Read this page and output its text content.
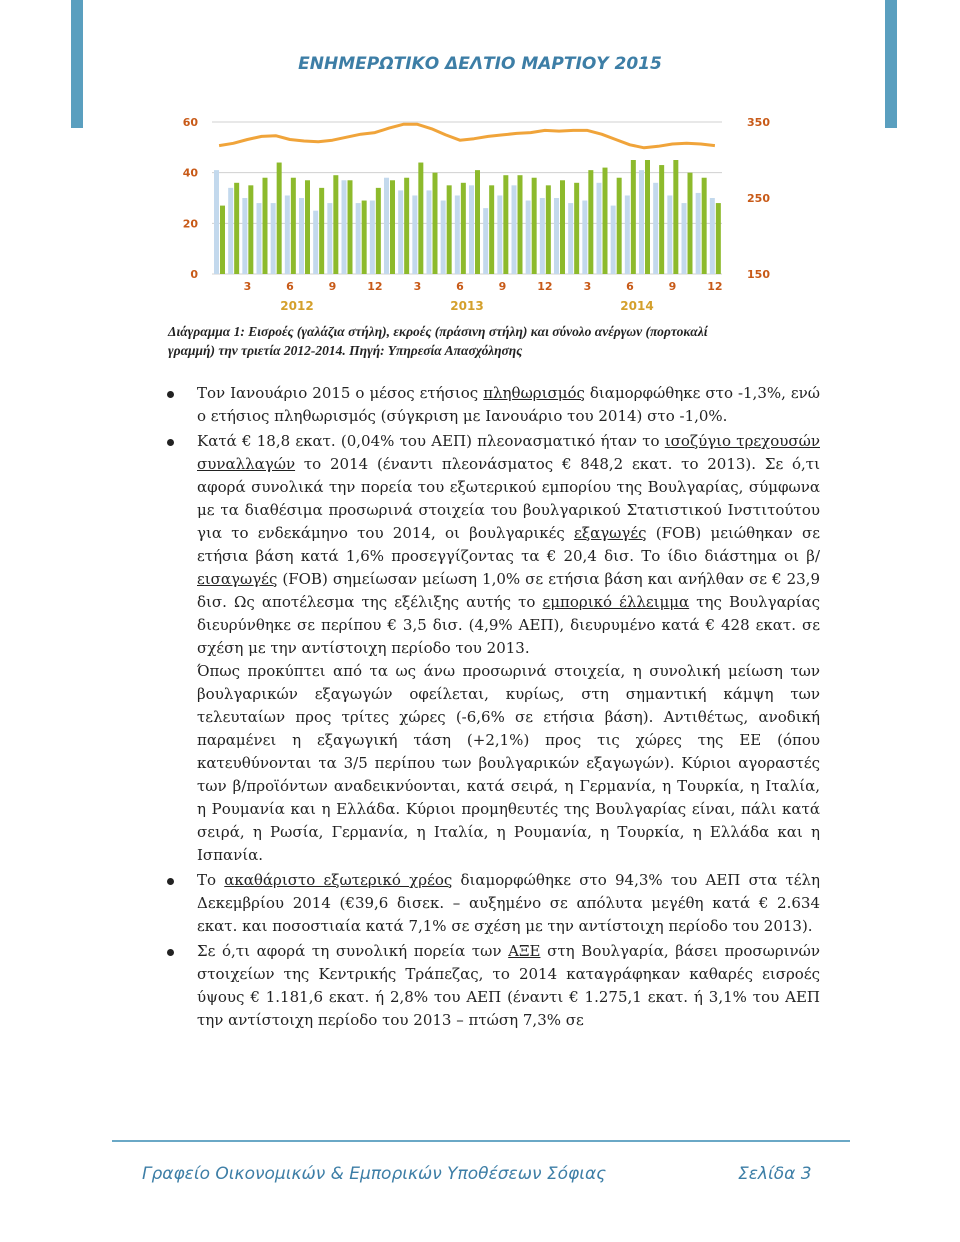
ΕΝΗΜΕΡΩΤΙΚΟ ΔΕΛΤΙΟ ΜΑΡΤΙΟΥ 2015
0
20
40
60
150
250
350
3	6	9	12	3	6	9	12	3	6	9	12
2012	2013	2014
Διάγραμμα 1: Εισροές (γαλάζια στήλη), εκροές (πράσινη στήλη) και σύνολο ανέργων (πορτοκαλί
γραμμή) την τριετία 2012-2014. Πηγή: Υπηρεσία Απασχόλησης
Τον Ιανουάριο 2015 ο μέσος ετήσιος πληθωρισμός διαμορφώθηκε στο -1,3%, ενώ ο ετήσιος πληθωρισμός (σύγκριση με Ιανουάριο του 2014) στο -1,0%.
Κατά € 18,8 εκατ. (0,04% του ΑΕΠ) πλεονασματικό ήταν το ισοζύγιο τρεχουσών συναλλαγών το 2014 (έναντι πλεονάσματος € 848,2 εκατ. το 2013). Σε ό,τι αφορά συνολικά την πορεία του εξωτερικού εμπορίου της Βουλγαρίας, σύμφωνα με τα διαθέσιμα προσωρινά στοιχεία του βουλγαρικού Στατιστικού Ινστιτούτου για το ενδεκάμηνο του 2014, οι βουλγαρικές εξαγωγές (FOB) μειώθηκαν σε ετήσια βάση κατά 1,6% προσεγγίζοντας τα € 20,4 δισ. Το ίδιο διάστημα οι β/εισαγωγές (FOB) σημείωσαν μείωση 1,0% σε ετήσια βάση και ανήλθαν σε € 23,9 δισ. Ως αποτέλεσμα της εξέλιξης αυτής το εμπορικό έλλειμμα της Βουλγαρίας διευρύνθηκε σε περίπου € 3,5 δισ. (4,9% ΑΕΠ), διευρυμένο κατά € 428 εκατ. σε σχέση με την αντίστοιχη περίοδο του 2013.
Όπως προκύπτει από τα ως άνω προσωρινά στοιχεία, η συνολική μείωση των βουλγαρικών εξαγωγών οφείλεται, κυρίως, στη σημαντική κάμψη των τελευταίων προς τρίτες χώρες (-6,6% σε ετήσια βάση). Αντιθέτως, ανοδική παραμένει η εξαγωγική τάση (+2,1%) προς τις χώρες της ΕΕ (όπου κατευθύνονται τα 3/5 περίπου των βουλγαρικών εξαγωγών). Κύριοι αγοραστές των β/προϊόντων αναδεικνύονται, κατά σειρά, η Γερμανία, η Τουρκία, η Ιταλία, η Ρουμανία και η Ελλάδα. Κύριοι προμηθευτές της Βουλγαρίας είναι, πάλι κατά σειρά, η Ρωσία, Γερμανία, η Ιταλία, η Ρουμανία, η Τουρκία, η Ελλάδα και η Ισπανία.
Το ακαθάριστο εξωτερικό χρέος διαμορφώθηκε στο 94,3% του ΑΕΠ στα τέλη Δεκεμβρίου 2014 (€39,6 δισεκ. – αυξημένο σε απόλυτα μεγέθη κατά € 2.634 εκατ. και ποσοστιαία κατά 7,1% σε σχέση με την αντίστοιχη περίοδο του 2013).
Σε ό,τι αφορά τη συνολική πορεία των ΑΞΕ στη Βουλγαρία, βάσει προσωρινών στοιχείων της Κεντρικής Τράπεζας, το 2014 καταγράφηκαν καθαρές εισροές ύψους € 1.181,6 εκατ. ή 2,8% του ΑΕΠ (έναντι € 1.275,1 εκατ. ή 3,1% του ΑΕΠ την αντίστοιχη περίοδο του 2013 – πτώση 7,3% σε
Γραφείο Οικονομικών & Εμπορικών Υποθέσεων Σόφιας	Σελίδα 3
